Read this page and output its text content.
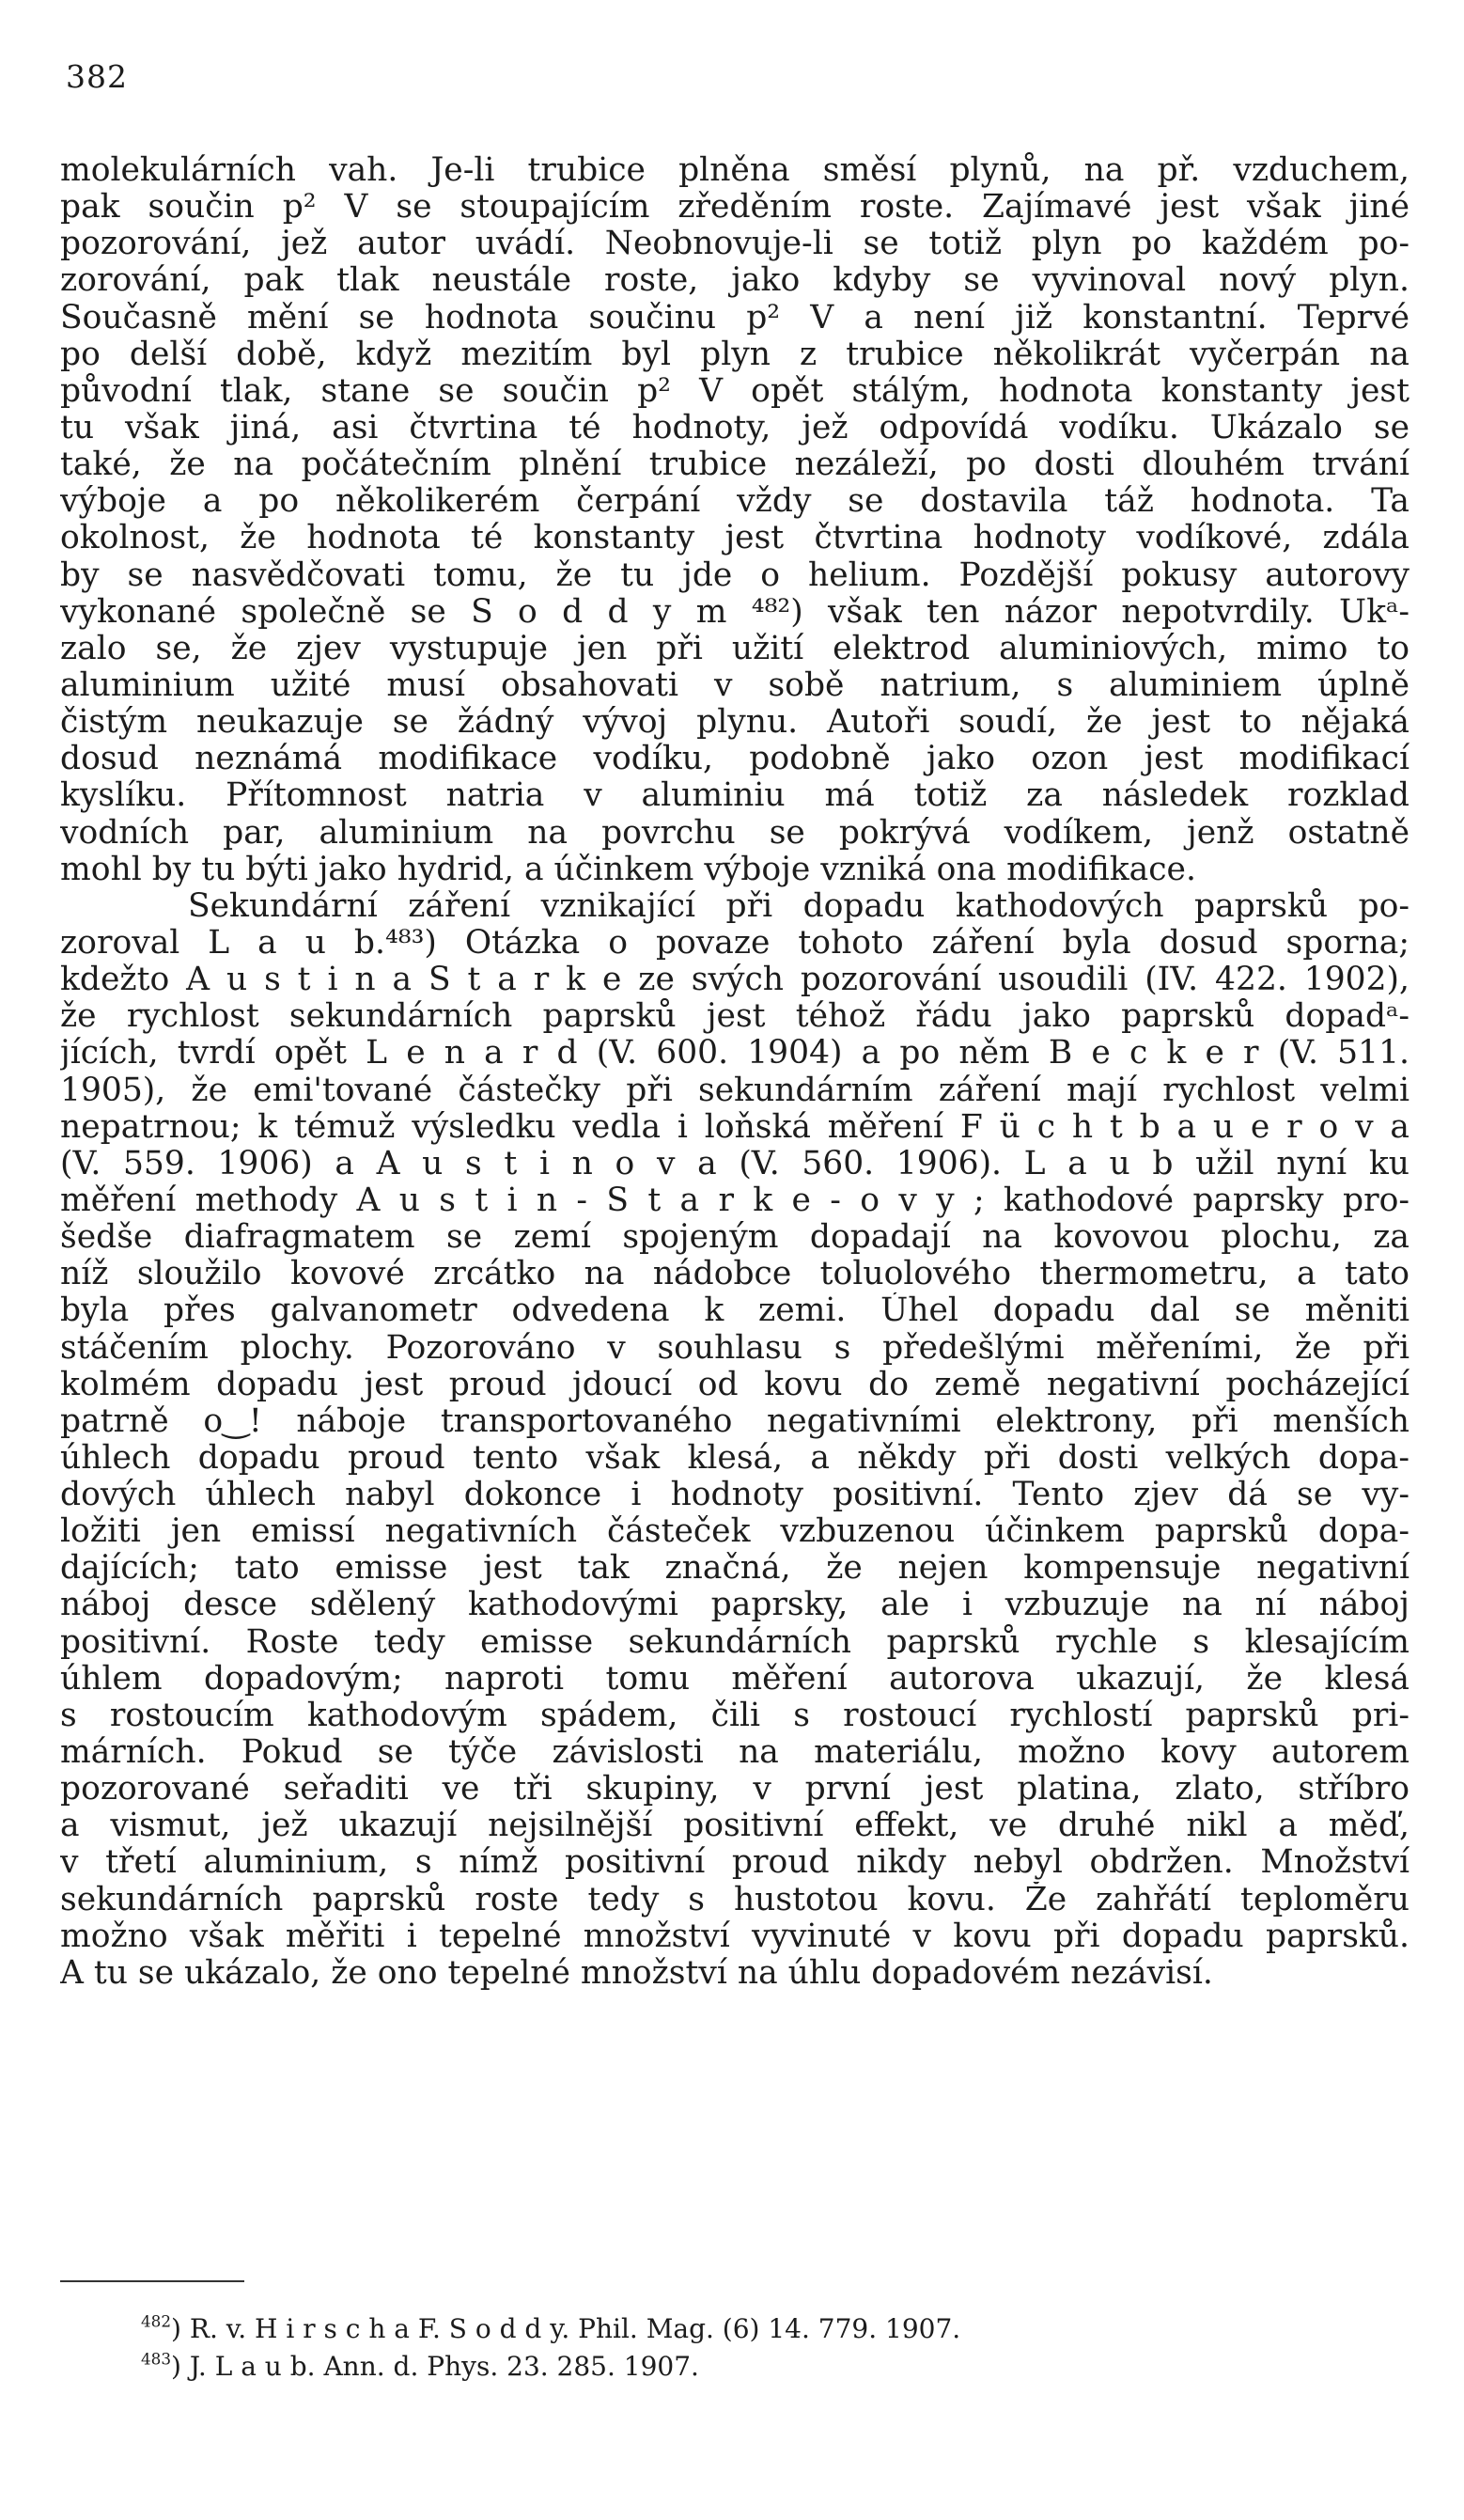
382
molekulárních vah. Je-li trubice plněna směsí plynů, na př. vzduchem,
pak součin p² V se stoupajícím zředěním roste. Zajímavé jest však jiné
pozorování, jež autor uvádí. Neobnovuje-li se totiž plyn po každém po-
zorování, pak tlak neustále roste, jako kdyby se vyvinoval nový plyn.
Současně mění se hodnota součinu p² V a není již konstantní. Teprvé
po delší době, když mezitím byl plyn z trubice několikrát vyčerpán na
původní tlak, stane se součin p² V opět stálým, hodnota konstanty jest
tu však jiná, asi čtvrtina té hodnoty, jež odpovídá vodíku. Ukázalo se
také, že na počátečním plnění trubice nezáleží, po dosti dlouhém trvání
výboje a po několikerém čerpání vždy se dostavila táž hodnota. Ta
okolnost, že hodnota té konstanty jest čtvrtina hodnoty vodíkové, zdála
by se nasvědčovati tomu, že tu jde o helium. Pozdější pokusy autorovy
vykonané společně se S o d d y m ⁴⁸²) však ten názor nepotvrdily. Ukᵃ-
zalo se, že zjev vystupuje jen při užití elektrod aluminiových, mimo to
aluminium užité musí obsahovati v sobě natrium, s aluminiem úplně
čistým neukazuje se žádný vývoj plynu. Autoři soudí, že jest to nějaká
dosud neznámá modifikace vodíku, podobně jako ozon jest modifikací
kyslíku. Přítomnost natria v aluminiu má totiž za následek rozklad
vodních par, aluminium na povrchu se pokrývá vodíkem, jenž ostatně
mohl by tu býti jako hydrid, a účinkem výboje vzniká ona modifikace.
Sekundární záření vznikající při dopadu kathodových paprsků po-
zoroval L a u b.⁴⁸³) Otázka o povaze tohoto záření byla dosud sporna;
kdežto A u s t i n a S t a r k e ze svých pozorování usoudili (IV. 422. 1902),
že rychlost sekundárních paprsků jest téhož řádu jako paprsků dopadᵃ-
jících, tvrdí opět L e n a r d (V. 600. 1904) a po něm B e c k e r (V. 511.
1905), že emi'tované částečky při sekundárním záření mají rychlost velmi
nepatrnou; k témuž výsledku vedla i loňská měření F ü c h t b a u e r o v a
(V. 559. 1906) a A u s t i n o v a (V. 560. 1906). L a u b užil nyní ku
měření methody A u s t i n - S t a r k e - o v y ; kathodové paprsky pro-
šedše diafragmatem se zemí spojeným dopadají na kovovou plochu, za
níž sloužilo kovové zrcátko na nádobce toluolového thermometru, a tato
byla přes galvanometr odvedena k zemi. Úhel dopadu dal se měniti
stáčením plochy. Pozorováno v souhlasu s předešlými měřeními, že při
kolmém dopadu jest proud jdoucí od kovu do země negativní pocházející
patrně o‿! náboje transportovaného negativními elektrony, při menších
úhlech dopadu proud tento však klesá, a někdy při dosti velkých dopa-
dových úhlech nabyl dokonce i hodnoty positivní. Tento zjev dá se vy-
ložiti jen emissí negativních částeček vzbuzenou účinkem paprsků dopa-
dajících; tato emisse jest tak značná, že nejen kompensuje negativní
náboj desce sdělený kathodovými paprsky, ale i vzbuzuje na ní náboj
positivní. Roste tedy emisse sekundárních paprsků rychle s klesajícím
úhlem dopadovým; naproti tomu měření autorova ukazují, že klesá
s rostoucím kathodovým spádem, čili s rostoucí rychlostí paprsků pri-
márních. Pokud se týče závislosti na materiálu, možno kovy autorem
pozorované seřaditi ve tři skupiny, v první jest platina, zlato, stříbro
a vismut, jež ukazují nejsilnější positivní effekt, ve druhé nikl a měď,
v třetí aluminium, s nímž positivní proud nikdy nebyl obdržen. Množství
sekundárních paprsků roste tedy s hustotou kovu. Že zahřátí teploměru
možno však měřiti i tepelné množství vyvinuté v kovu při dopadu paprsků.
A tu se ukázalo, že ono tepelné množství na úhlu dopadovém nezávisí.
$^{482}$) R. v. H i r s c h a F. S o d d y. Phil. Mag. (6) 14. 779. 1907.
$^{483}$) J. L a u b. Ann. d. Phys. 23. 285. 1907.
